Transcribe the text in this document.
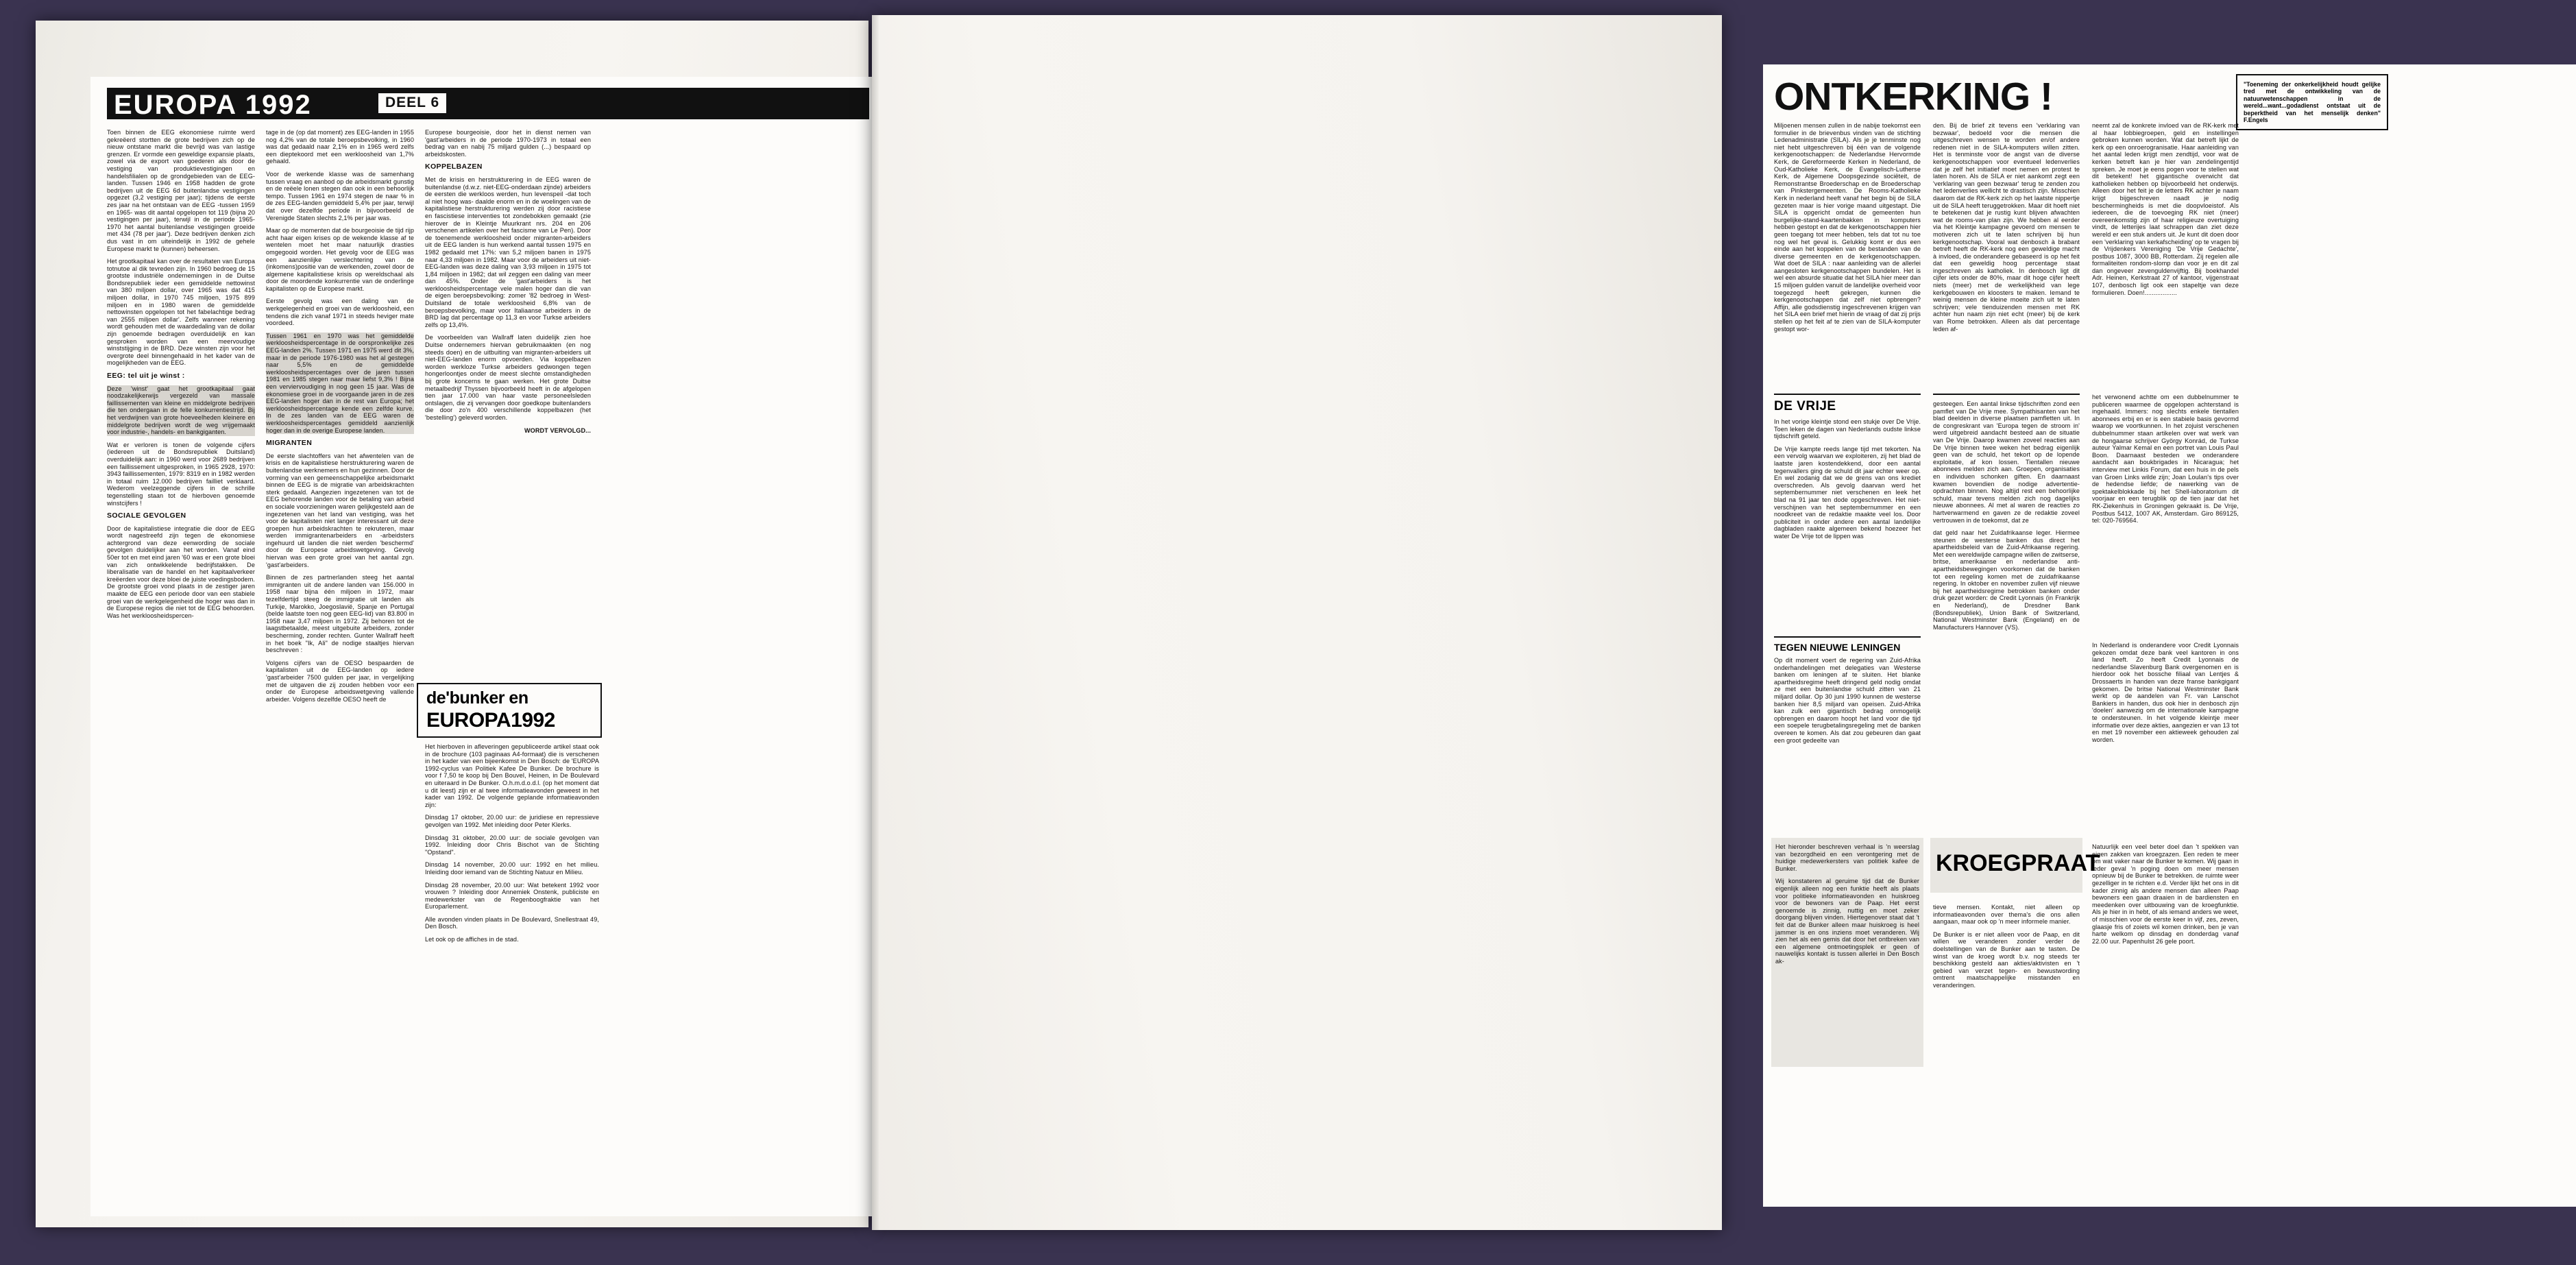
EUROPA 1992	DEEL 6

Toen binnen de EEG ekonomiese ruimte werd gekreëerd stortten de grote bedrijven zich op de nieuw ontstane markt die bevrijd was van lastige grenzen. Er vormde een geweldige expansie plaats, zowel via de export van goederen als door de vestiging van produktievestigingen en handelsfilialen op de grondgebieden van de EEG-landen. Tussen 1946 en 1958 hadden de grote bedrijven uit de EEG 6d buitenlandse vestigingen opgezet (3,2 vestiging per jaar); tijdens de eerste zes jaar na het ontstaan van de EEG -tussen 1959 en 1965- was dit aantal opgelopen tot 119 (bijna 20 vestigingen per jaar), terwijl in de periode 1965-1970 het aantal buitenlandse vestigingen groeide met 434 (78 per jaar'). Deze bedrijven denken zich dus vast in om uiteindelijk in 1992 de gehele Europese markt te (kunnen) beheersen.

Het grootkapitaal kan over de resultaten van Europa totnutoe al dik tevreden zijn. In 1960 bedroeg de 15 grootste industriële ondernemingen in de Duitse Bondsrepubliek ieder een gemiddelde nettowinst van 380 miljoen dollar, over 1965 was dat 415 miljoen dollar, in 1970 745 miljoen, 1975 899 miljoen en in 1980 waren de gemiddelde nettowinsten opgelopen tot het fabelachtige bedrag van 2555 miljoen dollar'. Zelfs wanneer rekening wordt gehouden met de waardedaling van de dollar zijn genoemde bedragen overduidelijk en kan gesproken worden van een meervoudige winststijging in de BRD. Deze winsten zijn voor het overgrote deel binnengehaald in het kader van de mogelijkheden van de EEG.

EEG: tel uit je winst :

Deze 'winst' gaat het grootkapitaal gaat noodzakelijkerwijs vergezeld van massale faillissementen van kleine en middelgrote bedrijven die ten ondergaan in de felle konkurrentiestrijd. Bij het verdwijnen van grote hoeveelheden kleinere en middelgrote bedrijven wordt de weg vrijgemaakt voor industrie-, handels- en bankgiganten.

Wat er verloren is tonen de volgende cijfers (iedereen uit de Bondsrepubliek Duitsland) overduidelijk aan: in 1960 werd voor 2689 bedrijven een faillissement uitgesproken, in 1965 2928, 1970: 3943 faillissementen, 1979: 8319 en in 1982 werden in totaal ruim 12.000 bedrijven failliet verklaard. Wederom veelzeggende cijfers in de schrille tegenstelling staan tot de hierboven genoemde winstcijfers !

SOCIALE GEVOLGEN

Door de kapitalistiese integratie die door de EEG wordt nagestreefd zijn tegen de ekonomiese achtergrond van deze eenwording de sociale gevolgen duidelijker aan het worden. Vanaf eind 50er tot en met eind jaren '60 was er een grote bloei van zich ontwikkelende bedrijfstakken. De liberalisatie van de handel en het kapitaalverkeer kreëerden voor deze bloei de juiste voedingsbodem. De grootste groei vond plaats in de zestiger jaren maakte de EEG een periode door van een stabiele groei van de werkgelegenheid die hoger was dan in de Europese regios die niet tot de EEG behoorden. Was het werkloosheidspercen-

tage in de (op dat moment) zes EEG-landen in 1955 nog 4,2% van de totale beroepsbevolking, in 1960 was dat gedaald naar 2,1% en in 1965 werd zelfs een dieptekoord met een werkloosheid van 1,7% gehaald.

Voor de werkende klasse was de samenhang tussen vraag en aanbod op de arbeidsmarkt gunstig en de reëele lonen stegen dan ook in een behoorlijk tempo. Tussen 1961 en 1974 stegen de naar % in de zes EEG-landen gemiddeld 5,4% per jaar, terwijl dat over dezelfde periode in bijvoorbeeld de Verenigde Staten slechts 2,1% per jaar was.

Maar op de momenten dat de bourgeoisie de tijd rijp acht haar eigen krises op de wekende klasse af te wentelen moet het maar natuurlijk drasties omgegooid worden. Het gevolg voor de EEG was een aanzienlijke verslechtering van de (inkomens)positie van de werkenden, zowel door de algemene kapitalistiese krisis op wereldschaal als door de moordende konkurrentie van de onderlinge kapitalisten op de Europese markt.

Eerste gevolg was een daling van de werkgelegenheid en groei van de werkloosheid, een tendens die zich vanaf 1971 in steeds heviger mate voordeed.

Tussen 1961 en 1970 was het gemiddelde werkloosheidspercentage in de oorspronkelijke zes EEG-landen 2%. Tussen 1971 en 1975 werd dit 3%, maar in de periode 1976-1980 was het al gestegen naar 5,5% en de gemiddelde werkloosheidspercentages over de jaren tussen 1981 en 1985 stegen naar maar liefst 9,3% ! Bijna een verviervoudiging in nog geen 15 jaar. Was de ekonomiese groei in de voorgaande jaren in de zes EEG-landen hoger dan in de rest van Europa; het werkloosheidspercentage kende een zelfde kurve. In de zes landen van de EEG waren de werkloosheidspercentages gemiddeld aanzienlijk hoger dan in de overige Europese landen.

MIGRANTEN

De eerste slachtoffers van het afwentelen van de krisis en de kapitalistiese herstrukturering waren de buitenlandse werknemers en hun gezinnen. Door de vorming van een gemeenschappelijke arbeidsmarkt binnen de EEG is de migratie van arbeidskrachten sterk gedaald. Aangezien ingezetenen van tot de EEG behorende landen voor de betaling van arbeid en sociale voorzieningen waren gelijkgesteld aan de ingezetenen van het land van vestiging, was het voor de kapitalisten niet langer interessant uit deze groepen hun arbeidskrachten te rekruteren, maar werden immigrantenarbeiders en -arbeidsters ingehuurd uit landen die niet werden 'beschermd' door de Europese arbeidswetgeving. Gevolg hiervan was een grote groei van het aantal zgn. 'gast'arbeiders.

Binnen de zes partnerlanden steeg het aantal immigranten uit de andere landen van 156.000 in 1958 naar bijna één miljoen in 1972, maar tezelfdertijd steeg de immigratie uit landen als Turkije, Marokko, Joegoslavië, Spanje en Portugal (belde laatste toen nog geen EEG-lid) van 83.800 in 1958 naar 3,47 miljoen in 1972. Zij behoren tot de laagstbetaalde, meest uitgebuite arbeiders, zonder bescherming, zonder rechten. Gunter Wallraff heeft in het boek "Ik, Ali" de nodige staaltjes hiervan beschreven :

Volgens cijfers van de OESO bespaarden de kapitalisten uit de EEG-landen op iedere 'gast'arbeider 7500 gulden per jaar, in vergelijking met de uitgaven die zij zouden hebben voor een onder de Europese arbeidswetgeving vallende arbeider. Volgens dezelfde OESO heeft de

Europese bourgeoisie, door het in dienst nemen van 'gast'arbeiders in de periode 1970-1973 in totaal een bedrag van en nabij 75 miljard gulden (...) bespaard op arbeidskosten.

KOPPELBAZEN

Met de krisis en herstrukturering in de EEG waren de buitenlandse (d.w.z. niet-EEG-onderdaan zijnde) arbeiders de eersten die werkloos werden, hun levenspeil -dat toch al niet hoog was- daalde enorm en in de woelingen van de kapitalistiese herstrukturering werden zij door racistiese en fascistiese interventies tot zondebokken gemaakt (zie hierover de in Kleintje Muurkrant nrs. 204 en 206 verschenen artikelen over het fascisme van Le Pen). Door de toenemende werkloosheid onder migranten-arbeiders uit de EEG landen is hun werkend aantal tussen 1975 en 1982 gedaald met 17%: van 5,2 miljoen banen in 1975 naar 4,33 miljoen in 1982. Maar voor de arbeiders uit niet-EEG-landen was deze daling van 3,93 miljoen in 1975 tot 1,84 miljoen in 1982; dat wil zeggen een daling van meer dan 45%. Onder de 'gast'arbeiders is het werkloosheidspercentage vele malen hoger dan die van de eigen beroepsbevolking: zomer '82 bedroeg in West-Duitsland de totale werkloosheid 6,8% van de beroepsbevolking, maar voor Italiaanse arbeiders in de BRD lag dat percentage op 11,3 en voor Turkse arbeiders zelfs op 13,4%.

De voorbeelden van Wallraff laten duidelijk zien hoe Duitse ondernemers hiervan gebruikmaakten (en nog steeds doen) en de uitbuiting van migranten-arbeiders uit niet-EEG-landen enorm opvoerden. Via koppelbazen worden werkloze Turkse arbeiders gedwongen tegen hongerloontjes onder de meest slechte omstandigheden bij grote koncerns te gaan werken. Het grote Duitse metaalbedrijf Thyssen bijvoorbeeld heeft in de afgelopen tien jaar 17.000 van haar vaste personeelsleden ontslagen, die zij vervangen door goedkope buitenlanders die door zo'n 400 verschillende koppelbazen (het 'bestelling') geleverd worden.

WORDT VERVOLGD...

de'bunker en
EUROPA1992

Het hierboven in afleveringen gepubliceerde artikel staat ook in de brochure (103 paginaas A4-formaat) die is verschenen in het kader van een bijeenkomst in Den Bosch: de 'EUROPA 1992-cyclus van Politiek Kafee De Bunker. De brochure is voor f 7,50 te koop bij Den Bouvel, Heinen, in De Boulevard en uiteraard in De Bunker. O.h.m.d.o.d.l. (op het moment dat u dit leest) zijn er al twee informatieavonden geweest in het kader van 1992. De volgende geplande informatieavonden zijn:

Dinsdag 17 oktober, 20.00 uur: de juridiese en repressieve gevolgen van 1992. Met inleiding door Peter Klerks.

Dinsdag 31 oktober, 20.00 uur: de sociale gevolgen van 1992. Inleiding door Chris Bischot van de Stichting "Opstand".

Dinsdag 14 november, 20.00 uur: 1992 en het milieu. Inleiding door iemand van de Stichting Natuur en Milieu.

Dinsdag 28 november, 20.00 uur: Wat betekent 1992 voor vrouwen ? Inleiding door Annemiek Onstenk, publiciste en medewerkster van de Regenboogfraktie van het Europarlement.

Alle avonden vinden plaats in De Boulevard, Snellestraat 49, Den Bosch.

Let ook op de affiches in de stad.

ONTKERKING !	"Toeneming der onkerkelijkheid houdt gelijke tred met de ontwikkeling van de natuurwetenschappen in de wereld...want...godadienst ontstaat uit de beperktheid van het menselijk denken" F.Engels

Miljoenen mensen zullen in de nabije toekomst een formulier in de brievenbus vinden van de stichting Ledenadministratie (SILA). Als je je tenminste nog niet hebt uitgeschreven bij één van de volgende kerkgenootschappen: de Nederlandse Hervormde Kerk, de Gereformeerde Kerken in Nederland, de Oud-Katholieke Kerk, de Evangelisch-Lutherse Kerk, de Algemene Doopsgezinde sociëteit, de Remonstrantse Broederschap en de Broederschap van Pinkstergemeenten. De Rooms-Katholieke Kerk in nederland heeft vanaf het begin bij de SILA gezeten maar is hier vorige maand uitgestapt. Die SILA is opgericht omdat de gemeenten hun burgelijke-stand-kaartenbakken in komputers hebben gestopt en dat de kerkgenootschappen hier geen toegang tot meer hebben, tels dat tot nu toe nog wel het geval is. Gelukkig komt er dus een einde aan het koppelen van de bestanden van de diverse gemeenten en de kerkgenootschappen. Wat doet de SILA : naar aanleiding van de allerlei aangesloten kerkgenootschappen bundelen. Het is wel een absurde situatie dat het SILA hier meer dan 15 miljoen gulden vanuit de landelijke overheid voor toegezegd heeft gekregen, kunnen die kerkgenootschappen dat zelf niet opbrengen? Affijn, alle godsdienstig ingeschrevenen krijgen van het SILA een brief met hierin de vraag of dat zij prijs stellen op het feit af te zien van de SILA-komputer gestopt wor-

DE VRIJE

In het vorige kleintje stond een stukje over De Vrije. Toen leken de dagen van Nederlands oudste linkse tijdschrift geteld.

De Vrije kampte reeds lange tijd met tekorten. Na een vervolg waarvan we exploiteren, zij het blad de laatste jaren kostendekkend, door een aantal tegenvallers ging de schuld dit jaar echter weer op. En wel zodanig dat we de grens van ons krediet overschreden. Als gevolg daarvan werd het septembernummer niet verschenen en leek het blad na 91 jaar ten dode opgeschreven. Het niet-verschijnen van het septembernummer en een noodkreet van de redaktie maakte veel los. Door publiciteit in onder andere een aantal landelijke dagbladen raakte algemeen bekend hoezeer het water De Vrije tot de lippen was

TEGEN NIEUWE LENINGEN

Op dit moment voert de regering van Zuid-Afrika onderhandelingen met delegaties van Westerse banken om leningen af te sluiten. Het blanke apartheidsregime heeft dringend geld nodig omdat ze met een buitenlandse schuld zitten van 21 miljard dollar. Op 30 juni 1990 kunnen de westerse banken hier 8,5 miljard van opeisen. Zuid-Afrika kan zulk een gigantisch bedrag onmogelijk opbrengen en daarom hoopt het land voor die tijd een soepele terugbetalingsregeling met de banken overeen te komen. Als dat zou gebeuren dan gaat een groot gedeelte van

Het hieronder beschreven verhaal is 'n weerslag van bezorgdheid en een verontgering met de huidige medewerkersters van politiek kafee de Bunker.

Wij konstateren al geruime tijd dat de Bunker eigenlijk alleen nog een funktie heeft als plaats voor politieke informatieavonden en huiskroeg voor de bewoners van de Paap. Het eerst genoemde is zinnig, nuttig en moet zeker doorgang blijven vinden. Hiertegenover staat dat 't feit dat de Bunker alleen maar huiskroeg is heel jammer is en ons inziens moet veranderen. Wij zien het als een gemis dat door het ontbreken van een algemene ontmoetingsplek er geen of nauwelijks kontakt is tussen allerlei in Den Bosch ak-

den. Bij de brief zit tevens een 'verklaring van bezwaar', bedoeld voor die mensen die uitgeschreven wensen te worden en/of andere redenen niet in de SILA-komputers willen zitten. Het is tenminste voor de angst van de diverse kerkgenootschappen voor eventueel ledenverlies dat je zelf het initiatief moet nemen en protest te laten horen. Als de SILA er niet aankomt zegt een 'verklaring van geen bezwaar' terug te zenden zou het ledenverlies wellicht te drastisch zijn. Misschien daarom dat de RK-kerk zich op het laatste nippertje uit de SILA heeft teruggetrokken. Maar dit hoeft niet te betekenen dat je rustig kunt blijven afwachten wat de rooms-van plan zijn. We hebben al eerder via het Kleintje kampagne gevoerd om mensen te motiveren zich uit te laten schrijven bij hun kerkgenootschap. Vooral wat denbosch à brabant betreft heeft de RK-kerk nog een geweldige macht à invloed, die onderandere gebaseerd is op het feit dat een geweldig hoog percentage staat ingeschreven als katholiek. In denbosch ligt dit cijfer iets onder de 80%, maar dit hoge cijfer heeft niets (meer) met de werkelijkheid van lege kerkgebouwen en kloosters te maken. Iemand te weinig mensen de kleine moeite zich uit te laten schrijven; vele tienduizenden mensen met RK achter hun naam zijn niet echt (meer) bij de kerk van Rome betrokken. Alleen als dat percentage leden af-

gesteegen. Een aantal linkse tijdschriften zond een pamflet van De Vrije mee. Sympathisanten van het blad deelden in diverse plaatsen pamfletten uit. In de congreskrant van 'Europa tegen de stroom in' werd uitgebreid aandacht besteed aan de situatie van De Vrije. Daarop kwamen zoveel reacties aan De Vrije binnen twee weken het bedrag eigenlijk geen van de schuld, het tekort op de lopende exploitatie, af kon lossen. Tientallen nieuwe abonnees melden zich aan. Groepen, organisaties en individuen schonken giften. En daarnaast kwamen bovendien de nodige advertentie-opdrachten binnen. Nog altijd rest een behoorlijke schuld, maar tevens melden zich nog dagelijks nieuwe abonnees. Al met al waren de reacties zo hartverwarmend en gaven ze de redaktie zoveel vertrouwen in de toekomst, dat ze

dat geld naar het Zuidafrikaanse leger. Hiermee steunen de westerse banken dus direct het apartheidsbeleid van de Zuid-Afrikaanse regering. Met een wereldwijde campagne willen de zwitserse, britse, amerikaanse en nederlandse anti-apartheidsbewegingen voorkomen dat de banken tot een regeling komen met de zuidafrikaanse regering. In oktober en november zullen vijf nieuwe bij het apartheidsregime betrokken banken onder druk gezet worden: de Credit Lyonnais (in Frankrijk en Nederland), de Dresdner Bank (Bondsrepubliek), Union Bank of Switzerland, National Westminster Bank (Engeland) en de Manufacturers Hannover (VS).

KROEGPRAAT

tieve mensen. Kontakt, niet alleen op informatieavonden over thema's die ons allen aangaan, maar ook op 'n meer informele manier.

De Bunker is er niet alleen voor de Paap, en dit willen we veranderen zonder verder de doelstellingen van de Bunker aan te tasten. De winst van de kroeg wordt b.v. nog steeds ter beschikking gesteld aan akties/aktivisten en 't gebied van verzet tegen- en bewustwording omtrent maatschappelijke misstanden en veranderingen.

neemt zal de konkrete invloed van de RK-kerk met al haar lobbiegroepen, geld en instellingen gebroken kunnen worden. Wat dat betreft lijkt de kerk op een onroerogranisatie. Haar aanleiding van het aantal leden krijgt men zendtijd, voor wat de kerken betreft kan je hier van zendelingentijd spreken. Je moet je eens pogen voor te stellen wat dit betekent! het gigantische overwicht dat katholieken hebben op bijvoorbeeld het onderwijs. Alleen door het feit je de letters RK achter je naam krijgt bijgeschreven naadt je nodig beschermingheids is met die doopvloeistof. Als iedereen, die de toevoeging RK niet (meer) overeenkomstig zijn of haar religieuze overtuiging vindt, de letterijes laat schrappen dan ziet deze wereld er een stuk anders uit. Je kunt dit doen door een 'verklaring van kerkafscheiding' op te vragen bij de Vrijdenkers Vereniging 'De Vrije Gedachte', postbus 1087, 3000 BB, Rotterdam. Zij regelen alle formaliteiten rondom-slomp dan voor je en dit zal dan ongeveer zevenguldenvijftig. Bij boekhandel Adr. Heinen, Kerkstraat 27 of kantoor, vijgenstraat 107, denbosch ligt ook een stapeltje van deze formulieren. Doen!..................

het verwonend achtte om een dubbelnummer te publiceren waarmee de opgelopen achterstand is ingehaald. Immers: nog slechts enkele tientallen abonnees erbij en er is een stabiele basis gevormd waarop we voortkunnen. In het zojuist verschenen dubbelnummer staan artikelen over wat werk van de hongaarse schrijver György Konrád, de Turkse auteur Yalmar Kemal en een portret van Louis Paul Boon. Daarnaast besteden we onderandere aandacht aan boukbrigades in Nicaragua; het interview met Linkis Forum, dat een huis in de pels van Groen Links wilde zijn; Joan Loulan's tips over de hedendse liefde; de nawerking van de spektakelblokkade bij het Shell-laboratorium dit voorjaar en een terugblik op de tien jaar dat het RK-Ziekenhuis in Groningen gekraakt is. De Vrije, Postbus 5412, 1007 AK, Amsterdam. Giro 869125, tel: 020-769564.

In Nederland is onderandere voor Credit Lyonnais gekozen omdat deze bank veel kantoren in ons land heeft. Zo heeft Credit Lyonnais de nederlandse Slavenburg Bank overgenomen en is hierdoor ook het bossche filiaal van Lentjes & Drossaerts in handen van deze franse bankgigant gekomen. De britse National Westminster Bank werkt op de aandelen van Fr. van Lanschot Bankiers in handen, dus ook hier in denbosch zijn 'doelen' aanwezig om de internationale kampagne te ondersteunen. In het volgende kleintje meer informatie over deze akties, aangezien er van 13 tot en met 19 november een aktieweek gehouden zal worden.

Natuurlijk een veel beter doel dan 't spekken van eigen zakken van kroegzazen. Een reden te meer om wat vaker naar de Bunker te komen. Wij gaan in ieder geval 'n poging doen om meer mensen opnieuw bij de Bunker te betrekken. de ruimte weer gezelliger in te richten e.d. Verder lijkt het ons in dit kader zinnig als andere mensen dan alleen Paap bewoners een gaan draaien in de bardiensten en meedenken over uitbouwing van de kroegfunktie. Als je hier in in hebt, of als iemand anders we weet, of misschien voor de eerste keer in vijf, zes, zeven, glaasje fris of zoiets wil komen drinken, ben je van harte welkom op dinsdag en donderdag vanaf 22.00 uur. Papenhulst 26 gele poort.
